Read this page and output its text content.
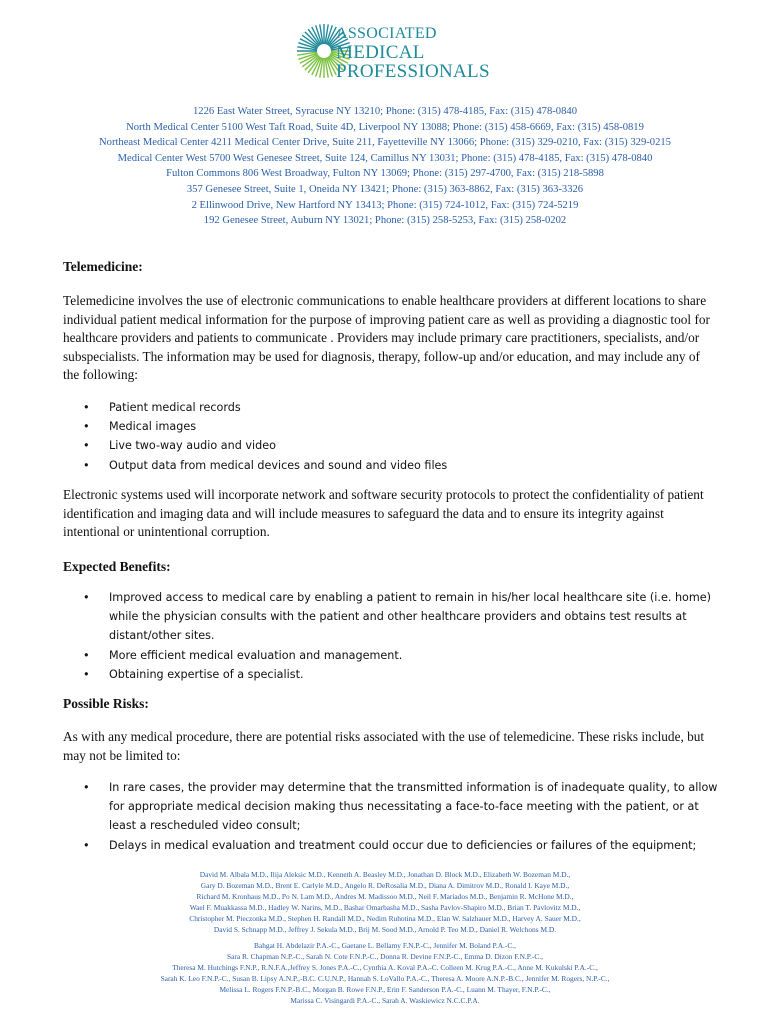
ASSOCIATED
MEDICAL
PROFESSIONALS
1226 East Water Street, Syracuse NY 13210; Phone: (315) 478-4185, Fax: (315) 478-0840
North Medical Center 5100 West Taft Road, Suite 4D, Liverpool NY 13088; Phone: (315) 458-6669, Fax: (315) 458-0819
Northeast Medical Center 4211 Medical Center Drive, Suite 211, Fayetteville NY 13066; Phone: (315) 329-0210, Fax: (315) 329-0215
Medical Center West 5700 West Genesee Street, Suite 124, Camillus NY 13031; Phone: (315) 478-4185, Fax: (315) 478-0840
Fulton Commons 806 West Broadway, Fulton NY 13069; Phone: (315) 297-4700, Fax: (315) 218-5898
357 Genesee Street, Suite 1, Oneida NY 13421; Phone: (315) 363-8862, Fax: (315) 363-3326
2 Ellinwood Drive, New Hartford NY 13413; Phone: (315) 724-1012, Fax: (315) 724-5219
192 Genesee Street, Auburn NY 13021; Phone: (315) 258-5253, Fax: (315) 258-0202
Telemedicine:

Telemedicine involves the use of electronic communications to enable healthcare providers at different locations to share individual patient medical information for the purpose of improving patient care as well as providing a diagnostic tool for healthcare providers and patients to communicate . Providers may include primary care practitioners, specialists, and/or subspecialists. The information may be used for diagnosis, therapy, follow-up and/or education, and may include any of the following:

• Patient medical records
• Medical images
• Live two-way audio and video
• Output data from medical devices and sound and video files

Electronic systems used will incorporate network and software security protocols to protect the confidentiality of patient identification and imaging data and will include measures to safeguard the data and to ensure its integrity against intentional or unintentional corruption.

Expected Benefits:
• Improved access to medical care by enabling a patient to remain in his/her local healthcare site (i.e. home) while the physician consults with the patient and other healthcare providers and obtains test results at distant/other sites.
• More efficient medical evaluation and management.
• Obtaining expertise of a specialist.
Possible Risks:

As with any medical procedure, there are potential risks associated with the use of telemedicine. These risks include, but may not be limited to:

• In rare cases, the provider may determine that the transmitted information is of inadequate quality, to allow for appropriate medical decision making thus necessitating a face-to-face meeting with the patient, or at least a rescheduled video consult;
• Delays in medical evaluation and treatment could occur due to deficiencies or failures of the equipment;
David M. Albala M.D., Ilija Aleksic M.D., Kenneth A. Beasley M.D., Jonathan D. Block M.D., Elizabeth W. Bozeman M.D.,
Gary D. Bozeman M.D., Brent E. Carlyle M.D., Angelo R. DeRosalia M.D., Diana A. Dimitrov M.D., Ronald I. Kaye M.D.,
Richard M. Kronhaus M.D., Po N. Lam M.D., Andres M. Madissoo M.D., Neil F. Mariados M.D., Benjamin R. McHone M.D.,
Wael F. Muakkassa M.D., Hadley W. Narins, M.D., Bashar Omarbasha M.D., Sasha Pavlov-Shapiro M.D., Brian T. Pavlovitz M.D.,
Christopher M. Pieczonka M.D., Stephen H. Randall M.D., Nedim Ruhotina M.D., Elan W. Salzhauer M.D., Harvey A. Sauer M.D.,
David S. Schnapp M.D., Jeffrey J. Sekula M.D., Brij M. Sood M.D., Arnold P. Teo M.D., Daniel R. Welchons M.D.
Bahgat H. Abdelazir P.A.-C., Gaetane L. Bellamy F.N.P.-C., Jennifer M. Boland P.A.-C.,
Sara R. Chapman N.P.-C., Sarah N. Cote F.N.P.-C., Donna R. Devine F.N.P.-C., Emma D. Dizon F.N.P.-C.,
Theresa M. Hutchings F.N.P., R.N.F.A.,Jeffrey S. Jones P.A.-C., Cynthia A. Koval P.A.-C. Colleen M. Krug P.A.-C., Anne M. Kukulski P.A.-C.,
Sarah K. Leo F.N.P.-C., Susan B. Lipsy A.N.P.,-B.C. C.U.N.P., Hannah S. LoVallo P.A.-C., Theresa A. Moore A.N.P.-B.C., Jennifer M. Rogers, N.P.-C.,
Melissa L. Rogers F.N.P.-B.C., Morgan B. Rowe F.N.P., Erin F. Sanderson P.A.-C., Luann M. Thayer, F.N.P.-C.,
Marissa C. Visingardi P.A.-C., Sarah A. Waskiewicz N.C.C.P.A.
